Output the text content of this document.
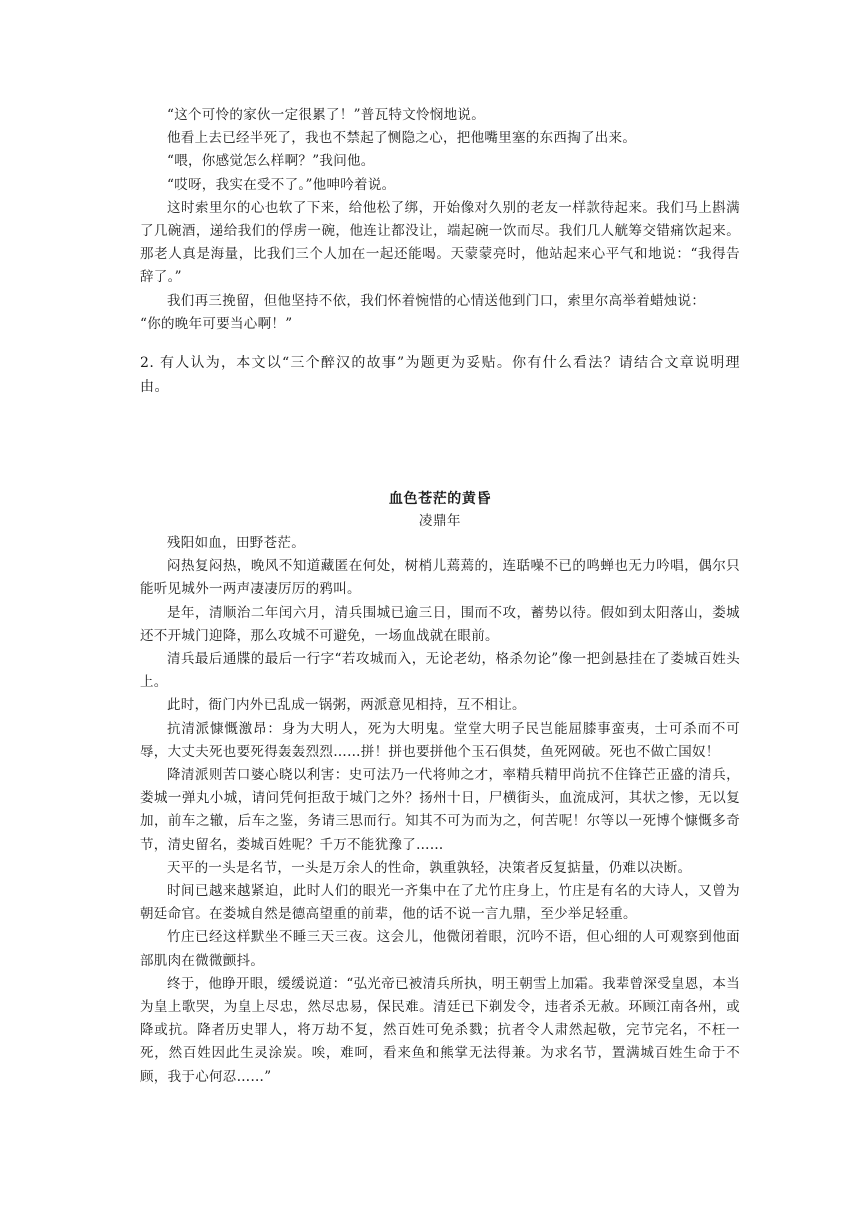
“这个可怜的家伙一定很累了！”普瓦特文怜悯地说。

他看上去已经半死了，我也不禁起了恻隐之心，把他嘴里塞的东西掏了出来。

“喂，你感觉怎么样啊？”我问他。

“哎呀，我实在受不了。”他呻吟着说。

这时索里尔的心也软了下来，给他松了绑，开始像对久别的老友一样款待起来。我们马上斟满了几碗酒，递给我们的俘虏一碗，他连让都没让，端起碗一饮而尽。我们几人觥筹交错痛饮起来。那老人真是海量，比我们三个人加在一起还能喝。天蒙蒙亮时，他站起来心平气和地说：“我得告辞了。”

我们再三挽留，但他坚持不依，我们怀着惋惜的心情送他到门口，索里尔高举着蜡烛说：

“你的晚年可要当心啊！”

2. 有人认为，本文以“三个醉汉的故事”为题更为妥贴。你有什么看法？请结合文章说明理由。

血色苍茫的黄昏

凌鼎年

残阳如血，田野苍茫。

闷热复闷热，晚风不知道藏匿在何处，树梢儿蔫蔫的，连聒噪不已的鸣蝉也无力吟唱，偶尔只能听见城外一两声凄凄厉厉的鸦叫。

是年，清顺治二年闰六月，清兵围城已逾三日，围而不攻，蓄势以待。假如到太阳落山，娄城还不开城门迎降，那么攻城不可避免，一场血战就在眼前。

清兵最后通牒的最后一行字“若攻城而入，无论老幼，格杀勿论”像一把剑悬挂在了娄城百姓头上。

此时，衙门内外已乱成一锅粥，两派意见相持，互不相让。

抗清派慷慨激昂：身为大明人，死为大明鬼。堂堂大明子民岂能屈膝事蛮夷，士可杀而不可辱，大丈夫死也要死得轰轰烈烈……拼！拼也要拼他个玉石俱焚，鱼死网破。死也不做亡国奴！

降清派则苦口婆心晓以利害：史可法乃一代将帅之才，率精兵精甲尚抗不住锋芒正盛的清兵，娄城一弹丸小城，请问凭何拒敌于城门之外？扬州十日，尸横街头，血流成河，其状之惨，无以复加，前车之辙，后车之鉴，务请三思而行。知其不可为而为之，何苦呢！尔等以一死博个慷慨多奇节，清史留名，娄城百姓呢？千万不能犹豫了……

天平的一头是名节，一头是万余人的性命，孰重孰轻，决策者反复掂量，仍难以决断。

时间已越来越紧迫，此时人们的眼光一齐集中在了尤竹庄身上，竹庄是有名的大诗人，又曾为朝廷命官。在娄城自然是德高望重的前辈，他的话不说一言九鼎，至少举足轻重。

竹庄已经这样默坐不睡三天三夜。这会儿，他微闭着眼，沉吟不语，但心细的人可观察到他面部肌肉在微微颤抖。

终于，他睁开眼，缓缓说道：“弘光帝已被清兵所执，明王朝雪上加霜。我辈曾深受皇恩，本当为皇上歌哭，为皇上尽忠，然尽忠易，保民难。清廷已下剃发令，违者杀无赦。环顾江南各州，或降或抗。降者历史罪人，将万劫不复，然百姓可免杀戮；抗者令人肃然起敬，完节完名，不枉一死，然百姓因此生灵涂炭。唉，难呵，看来鱼和熊掌无法得兼。为求名节，置满城百姓生命于不顾，我于心何忍……”
